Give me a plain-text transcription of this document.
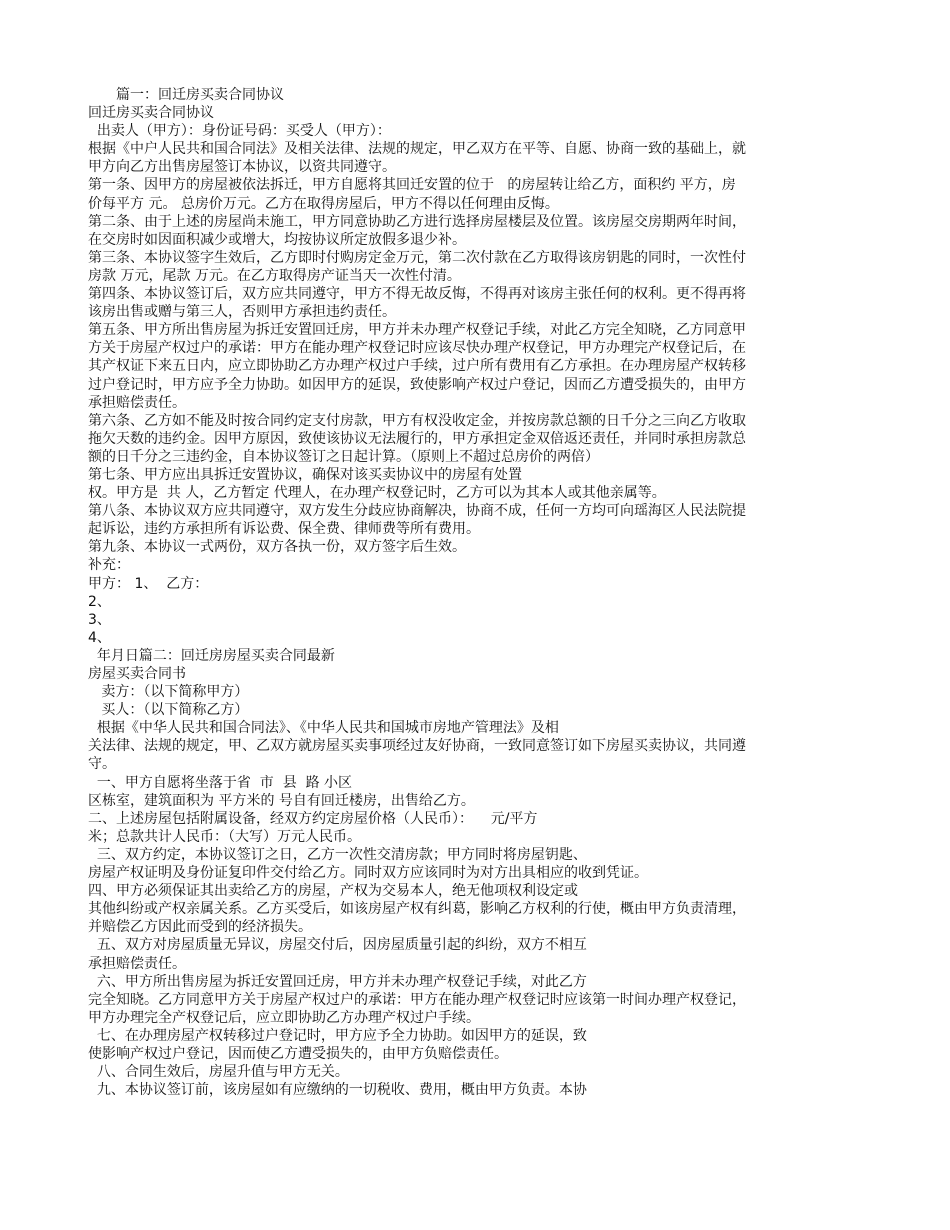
　　篇一：回迁房买卖合同协议
回迁房买卖合同协议
出卖人（甲方）：身份证号码：买受人（甲方）：
根据《中户人民共和国合同法》及相关法律、法规的规定，甲乙双方在平等、自愿、协商一致的基础上，就
甲方向乙方出售房屋签订本协议，以资共同遵守。
第一条、因甲方的房屋被依法拆迁，甲方自愿将其回迁安置的位于   的房屋转让给乙方，面积约 平方，房
价每平方 元。 总房价万元。乙方在取得房屋后，甲方不得以任何理由反悔。
第二条、由于上述的房屋尚未施工，甲方同意协助乙方进行选择房屋楼层及位置。该房屋交房期两年时间，
在交房时如因面积减少或增大，均按协议所定放假多退少补。
第三条、本协议签字生效后，乙方即时付购房定金万元，第二次付款在乙方取得该房钥匙的同时，一次性付
房款 万元，尾款 万元。在乙方取得房产证当天一次性付清。
第四条、本协议签订后，双方应共同遵守，甲方不得无故反悔，不得再对该房主张任何的权利。更不得再将
该房出售或赠与第三人，否则甲方承担违约责任。
第五条、甲方所出售房屋为拆迁安置回迁房，甲方并未办理产权登记手续，对此乙方完全知晓，乙方同意甲
方关于房屋产权过户的承诺：甲方在能办理产权登记时应该尽快办理产权登记，甲方办理完产权登记后，在
其产权证下来五日内，应立即协助乙方办理产权过户手续，过户所有费用有乙方承担。在办理房屋产权转移
过户登记时，甲方应予全力协助。如因甲方的延误，致使影响产权过户登记，因而乙方遭受损失的，由甲方
承担赔偿责任。
第六条、乙方如不能及时按合同约定支付房款，甲方有权没收定金，并按房款总额的日千分之三向乙方收取
拖欠天数的违约金。因甲方原因，致使该协议无法履行的，甲方承担定金双倍返还责任，并同时承担房款总
额的日千分之三违约金，自本协议签订之日起计算。（原则上不超过总房价的两倍）
第七条、甲方应出具拆迁安置协议，确保对该买卖协议中的房屋有处置
权。甲方是  共 人，乙方暂定 代理人，在办理产权登记时，乙方可以为其本人或其他亲属等。
第八条、本协议双方应共同遵守，双方发生分歧应协商解决，协商不成，任何一方均可向瑶海区人民法院提
起诉讼，违约方承担所有诉讼费、保全费、律师费等所有费用。
第九条、本协议一式两份，双方各执一份，双方签字后生效。
补充：
甲方： 1、  乙方：
2、
3、
4、
年月日篇二：回迁房房屋买卖合同最新
房屋买卖合同书
卖方：（以下简称甲方）
买人：（以下简称乙方）
根据《中华人民共和国合同法》、《中华人民共和国城市房地产管理法》及相
关法律、法规的规定，甲、乙双方就房屋买卖事项经过友好协商，一致同意签订如下房屋买卖协议，共同遵
守。
一、甲方自愿将坐落于省  市  县  路 小区
区栋室，建筑面积为 平方米的 号自有回迁楼房，出售给乙方。
二、上述房屋包括附属设备，经双方约定房屋价格（人民币）：    元/平方
米；总款共计人民币：（大写）万元人民币。
三、双方约定，本协议签订之日，乙方一次性交清房款；甲方同时将房屋钥匙、
房屋产权证明及身份证复印件交付给乙方。同时双方应该同时为对方出具相应的收到凭证。
四、甲方必须保证其出卖给乙方的房屋，产权为交易本人，绝无他项权利设定或
其他纠纷或产权亲属关系。乙方买受后，如该房屋产权有纠葛，影响乙方权利的行使，概由甲方负责清理，
并赔偿乙方因此而受到的经济损失。
五、双方对房屋质量无异议，房屋交付后，因房屋质量引起的纠纷，双方不相互
承担赔偿责任。
六、甲方所出售房屋为拆迁安置回迁房，甲方并未办理产权登记手续，对此乙方
完全知晓。乙方同意甲方关于房屋产权过户的承诺：甲方在能办理产权登记时应该第一时间办理产权登记，
甲方办理完全产权登记后，应立即协助乙方办理产权过户手续。
七、在办理房屋产权转移过户登记时，甲方应予全力协助。如因甲方的延误，致
使影响产权过户登记，因而使乙方遭受损失的，由甲方负赔偿责任。
八、合同生效后，房屋升值与甲方无关。
九、本协议签订前，该房屋如有应缴纳的一切税收、费用，概由甲方负责。本协
